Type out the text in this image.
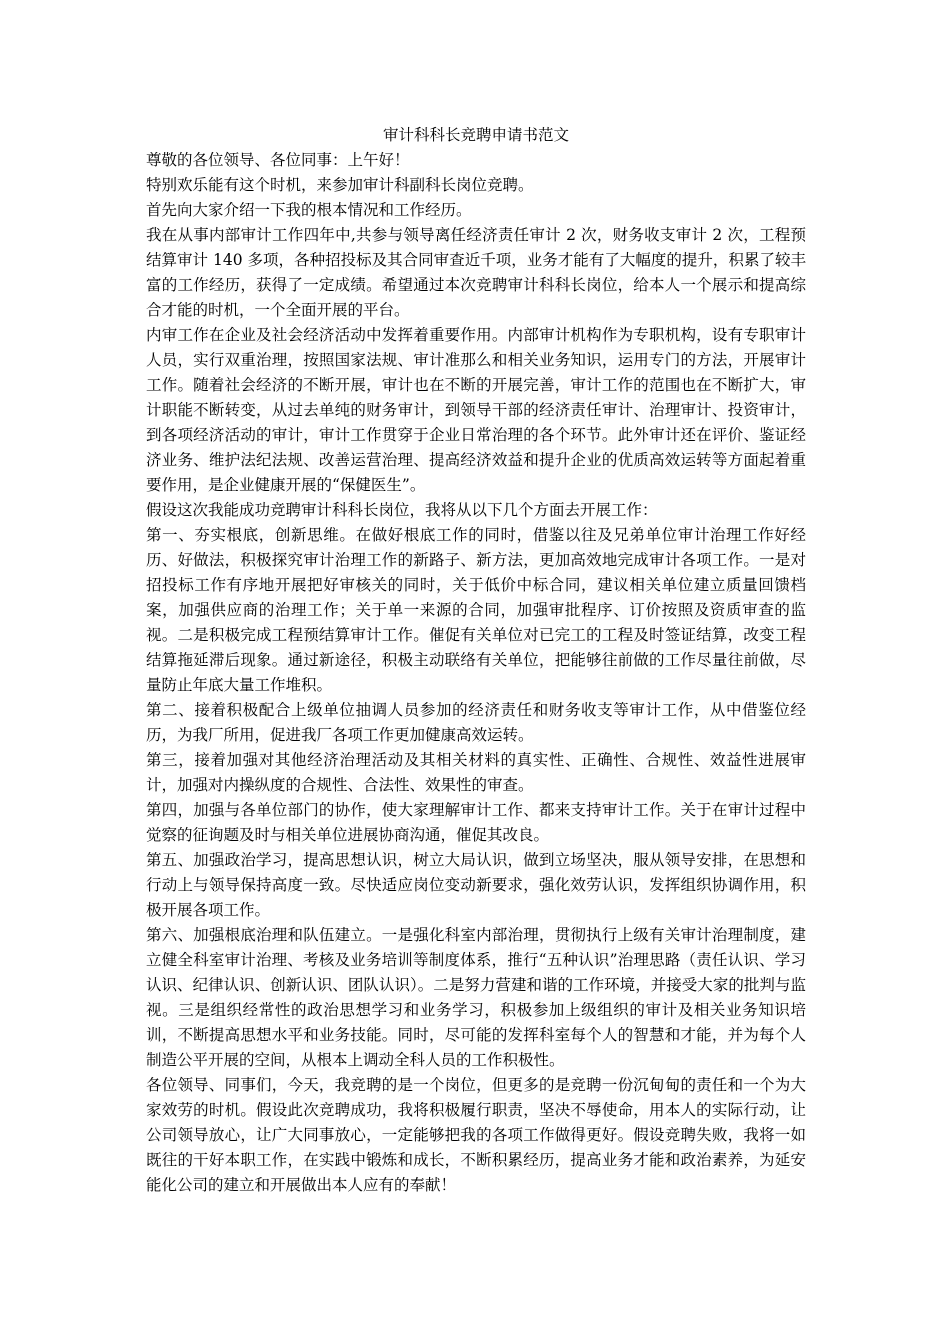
审计科科长竞聘申请书范文

尊敬的各位领导、各位同事：上午好！

特别欢乐能有这个时机，来参加审计科副科长岗位竞聘。

首先向大家介绍一下我的根本情况和工作经历。

我在从事内部审计工作四年中,共参与领导离任经济责任审计 2 次，财务收支审计 2 次，工程预结算审计 140 多项，各种招投标及其合同审查近千项，业务才能有了大幅度的提升，积累了较丰富的工作经历，获得了一定成绩。希望通过本次竞聘审计科科长岗位，给本人一个展示和提高综合才能的时机，一个全面开展的平台。

内审工作在企业及社会经济活动中发挥着重要作用。内部审计机构作为专职机构，设有专职审计人员，实行双重治理，按照国家法规、审计准那么和相关业务知识，运用专门的方法，开展审计工作。随着社会经济的不断开展，审计也在不断的开展完善，审计工作的范围也在不断扩大，审计职能不断转变，从过去单纯的财务审计，到领导干部的经济责任审计、治理审计、投资审计，到各项经济活动的审计，审计工作贯穿于企业日常治理的各个环节。此外审计还在评价、鉴证经济业务、维护法纪法规、改善运营治理、提高经济效益和提升企业的优质高效运转等方面起着重要作用，是企业健康开展的“保健医生”。

假设这次我能成功竞聘审计科科长岗位，我将从以下几个方面去开展工作：

第一、夯实根底，创新思维。在做好根底工作的同时，借鉴以往及兄弟单位审计治理工作好经历、好做法，积极探究审计治理工作的新路子、新方法，更加高效地完成审计各项工作。一是对招投标工作有序地开展把好审核关的同时，关于低价中标合同，建议相关单位建立质量回馈档案，加强供应商的治理工作；关于单一来源的合同，加强审批程序、订价按照及资质审查的监视。二是积极完成工程预结算审计工作。催促有关单位对已完工的工程及时签证结算，改变工程结算拖延滞后现象。通过新途径，积极主动联络有关单位，把能够往前做的工作尽量往前做，尽量防止年底大量工作堆积。

第二、接着积极配合上级单位抽调人员参加的经济责任和财务收支等审计工作，从中借鉴位经历，为我厂所用，促进我厂各项工作更加健康高效运转。

第三，接着加强对其他经济治理活动及其相关材料的真实性、正确性、合规性、效益性进展审计，加强对内操纵度的合规性、合法性、效果性的审查。

第四，加强与各单位部门的协作，使大家理解审计工作、都来支持审计工作。关于在审计过程中觉察的征询题及时与相关单位进展协商沟通，催促其改良。

第五、加强政治学习，提高思想认识，树立大局认识，做到立场坚决，服从领导安排，在思想和行动上与领导保持高度一致。尽快适应岗位变动新要求，强化效劳认识，发挥组织协调作用，积极开展各项工作。

第六、加强根底治理和队伍建立。一是强化科室内部治理，贯彻执行上级有关审计治理制度，建立健全科室审计治理、考核及业务培训等制度体系，推行“五种认识”治理思路（责任认识、学习认识、纪律认识、创新认识、团队认识）。二是努力营建和谐的工作环境，并接受大家的批判与监视。三是组织经常性的政治思想学习和业务学习，积极参加上级组织的审计及相关业务知识培训，不断提高思想水平和业务技能。同时，尽可能的发挥科室每个人的智慧和才能，并为每个人制造公平开展的空间，从根本上调动全科人员的工作积极性。

各位领导、同事们，今天，我竞聘的是一个岗位，但更多的是竞聘一份沉甸甸的责任和一个为大家效劳的时机。假设此次竞聘成功，我将积极履行职责，坚决不辱使命，用本人的实际行动，让公司领导放心，让广大同事放心，一定能够把我的各项工作做得更好。假设竞聘失败，我将一如既往的干好本职工作，在实践中锻炼和成长，不断积累经历，提高业务才能和政治素养，为延安能化公司的建立和开展做出本人应有的奉献！
